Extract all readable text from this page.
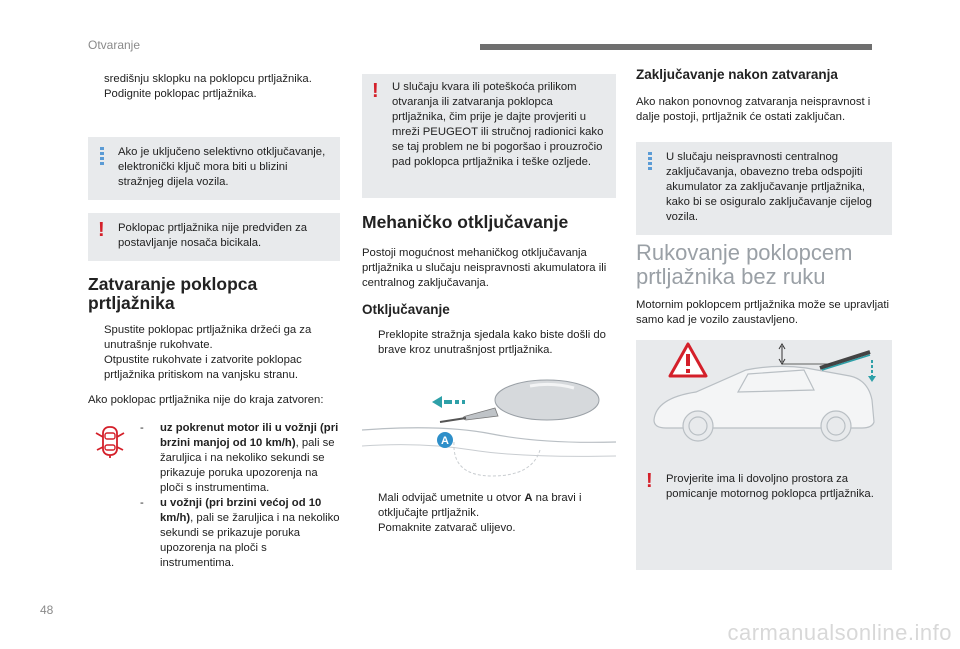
Otvaranje
48
carmanualsonline.info

središnju sklopku na poklopcu prtljažnika.

Podignite poklopac prtljažnika.

Ako je uključeno selektivno otključavanje, elektronički ključ mora biti u blizini stražnjeg dijela vozila.

! Poklopac prtljažnika nije predviđen za postavljanje nosača bicikala.

Zatvaranje poklopca prtljažnika

Spustite poklopac prtljažnika držeći ga za unutrašnje rukohvate.

Otpustite rukohvate i zatvorite poklopac prtljažnika pritiskom na vanjsku stranu.

Ako poklopac prtljažnika nije do kraja zatvoren:

- uz pokrenut motor ili u vožnji (pri brzini manjoj od 10 km/h), pali se žaruljica i na nekoliko sekundi se prikazuje poruka upozorenja na ploči s instrumentima.

- u vožnji (pri brzini većoj od 10 km/h), pali se žaruljica i na nekoliko sekundi se prikazuje poruka upozorenja na ploči s instrumentima.

! U slučaju kvara ili poteškoća prilikom otvaranja ili zatvaranja poklopca prtljažnika, čim prije je dajte provjeriti u mreži PEUGEOT ili stručnoj radionici kako se taj problem ne bi pogoršao i prouzročio pad poklopca prtljažnika i teške ozljede.

Mehaničko otključavanje

Postoji mogućnost mehaničkog otključavanja prtljažnika u slučaju neispravnosti akumulatora ili centralnog zaključavanja.

Otključavanje

Preklopite stražnja sjedala kako biste došli do brave kroz unutrašnjost prtljažnika.

A

Mali odvijač umetnite u otvor A na bravi i otključajte prtljažnik.

Pomaknite zatvarač ulijevo.

Zaključavanje nakon zatvaranja

Ako nakon ponovnog zatvaranja neispravnost i dalje postoji, prtljažnik će ostati zaključan.

U slučaju neispravnosti centralnog zaključavanja, obavezno treba odspojiti akumulator za zaključavanje prtljažnika, kako bi se osiguralo zaključavanje cijelog vozila.

Rukovanje poklopcem prtljažnika bez ruku

Motornim poklopcem prtljažnika može se upravljati samo kad je vozilo zaustavljeno.

! Provjerite ima li dovoljno prostora za pomicanje motornog poklopca prtljažnika.
